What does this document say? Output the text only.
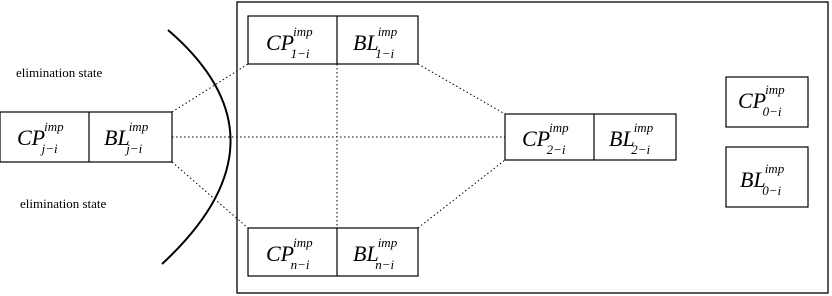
CPimp 1−i BLimp 1−i
CPimp j−i BLimp j−i	CPimp 2−i BLimp 2−i
CPimp n−i BLimp n−i
CPimp 0−i
BLimp 0−i
elimination state
elimination state
